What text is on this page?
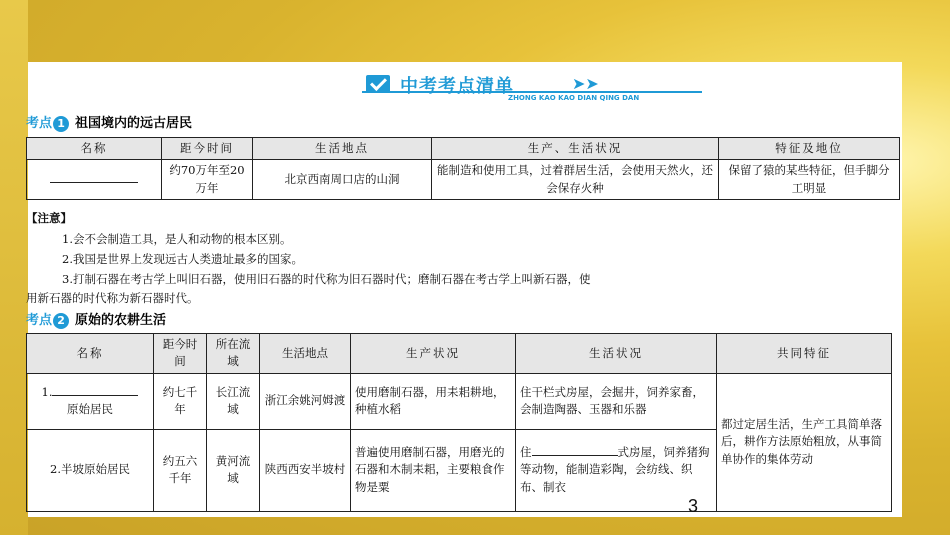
中考考点清单	➤➤
ZHONG KAO KAO DIAN QING DAN
考点 1 祖国境内的远古居民
名称	距今时间	生活地点	生产、生活状况	特征及地位
	约70万年至20万年	北京西南周口店的山洞	能制造和使用工具，过着群居生活，会使用天然火，还会保存火种	保留了猿的某些特征，但手脚分工明显
【注意】
1.会不会制造工具，是人和动物的根本区别。
2.我国是世界上发现远古人类遗址最多的国家。
3.打制石器在考古学上叫旧石器，使用旧石器的时代称为旧石器时代；磨制石器在考古学上叫新石器，使
用新石器的时代称为新石器时代。
考点 2 原始的农耕生活
名称	距今时间	所在流域	生活地点	生产状况	生活状况	共同特征
1.
原始居民	约七千年	长江流域	浙江余姚河姆渡	使用磨制石器，用耒耜耕地，种植水稻	住干栏式房屋，会掘井，饲养家畜，会制造陶器、玉器和乐器	都过定居生活，生产工具简单落后，耕作方法原始粗放，从事简单协作的集体劳动
2.半坡原始居民	约五六千年	黄河流域	陕西西安半坡村	普遍使用磨制石器，用磨光的石器和木制耒耜，主要粮食作物是粟	住 式房屋，饲养猪狗等动物，能制造彩陶，会纺线、织布、制衣	
3
